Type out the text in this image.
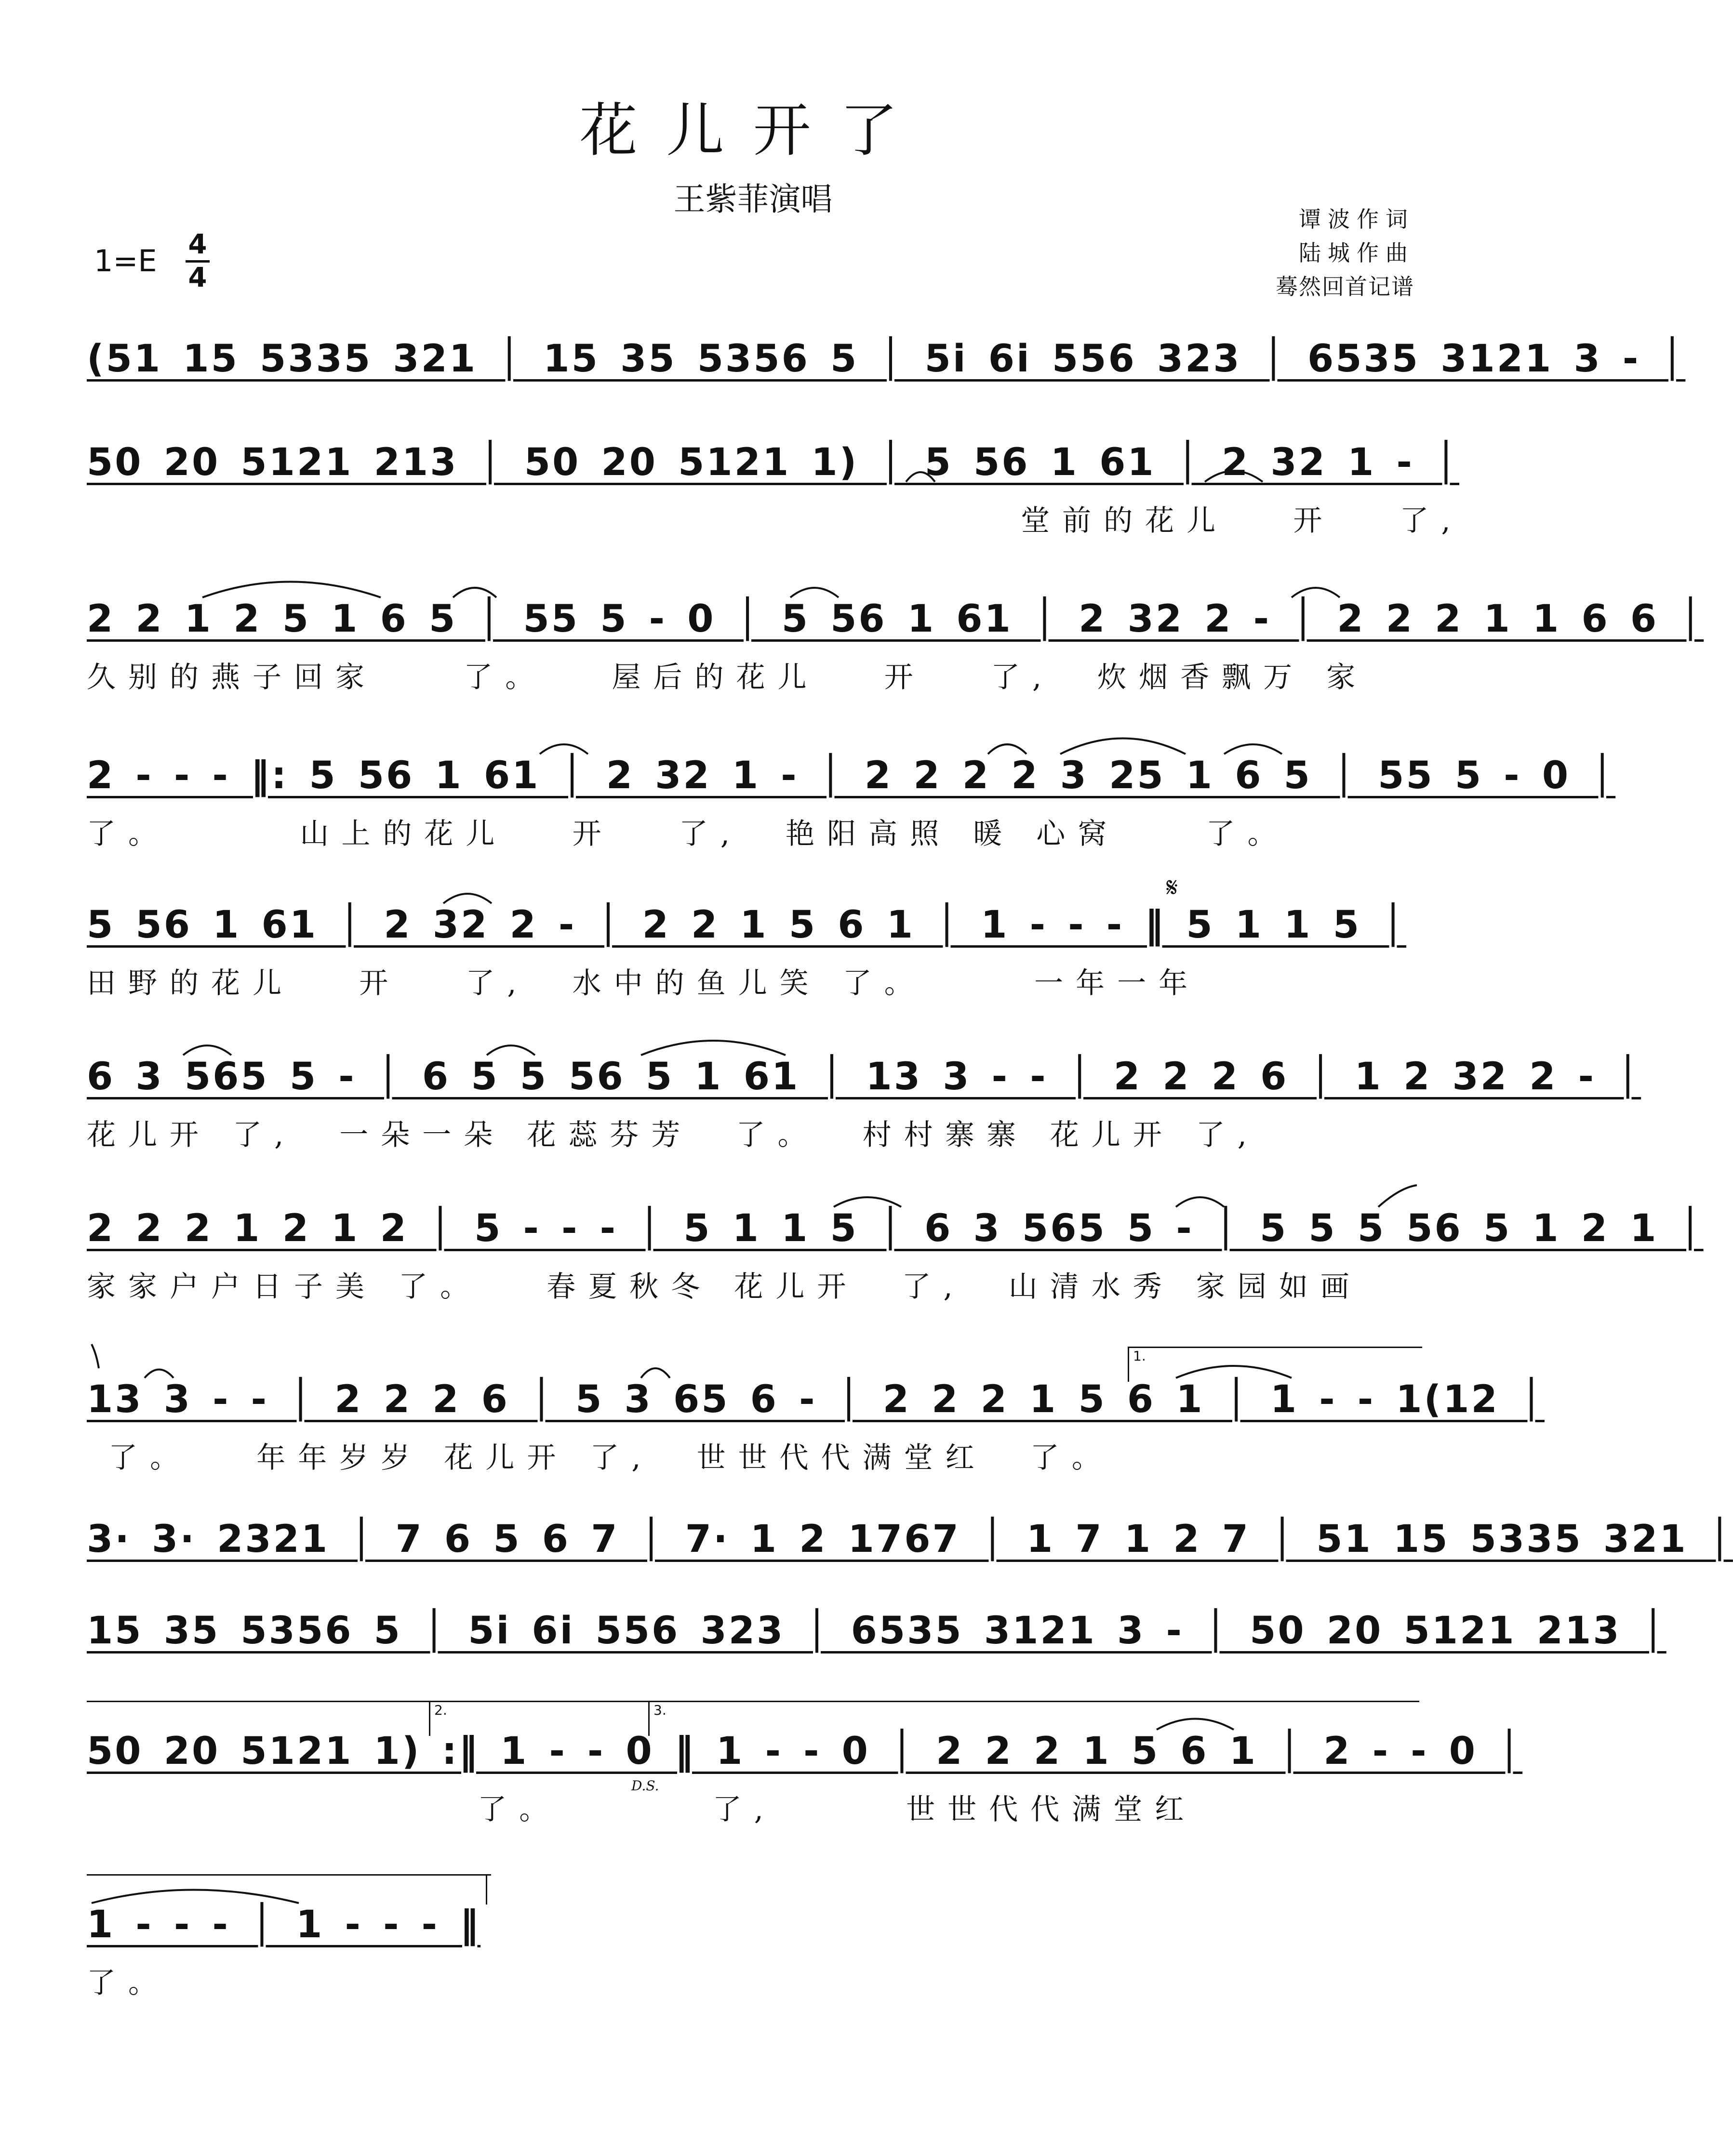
花儿开了
王紫菲演唱
谭波作词
陆城作曲
蓦然回首记谱
1=E 4
4
(51 15 5335 321 │ 15 35 5356 5 │ 5i 6i 556 323 │ 6535 3121 3 - │
50 20 5121 213 │ 50 20 5121 1) │ 5 56 1 61 │ 2 32 1 - │
堂前的花儿   开   了,
2 2 1 2 5 1 6 5 │ 55 5 - 0 │ 5 56 1 61 │ 2 32 2 - │ 2 2 2 1 1 6 6 │
久别的燕子回家    了。   屋后的花儿   开   了,  炊烟香飘万 家
2 - - - ‖: 5 56 1 61 │ 2 32 1 - │ 2 2 2 2 3 25 1 6 5 │ 55 5 - 0 │
了。      山上的花儿   开   了,  艳阳高照 暖 心窝    了。
5 56 1 61 │ 2 32 2 - │ 2 2 1 5 6 1 │ 1 - - - ‖ 5 1 1 5 │
田野的花儿   开   了,  水中的鱼儿笑 了。     一年一年
6 3 565 5 - │ 6 5 5 56 5 1 61 │ 13 3 - - │ 2 2 2 6 │ 1 2 32 2 - │
花儿开 了,  一朵一朵 花蕊芬芳  了。  村村寨寨 花儿开 了,
2 2 2 1 2 1 2 │ 5 - - - │ 5 1 1 5 │ 6 3 565 5 - │ 5 5 5 56 5 1 2 1 │
家家户户日子美 了。   春夏秋冬 花儿开  了,  山清水秀 家园如画
13 3 - - │ 2 2 2 6 │ 5 3 65 6 - │ 2 2 2 1 5 6 1 │ 1 - - 1(12 │
了。   年年岁岁 花儿开 了,  世世代代满堂红  了。
3· 3· 2321 │ 7 6 5 6 7 │ 7· 1 2 1767 │ 1 7 1 2 7 │ 51 15 5335 321 │
15 35 5356 5 │ 5i 6i 556 323 │ 6535 3121 3 - │ 50 20 5121 213 │
50 20 5121 1) :‖ 1 - - 0 ‖ 1 - - 0 │ 2 2 2 1 5 6 1 │ 2 - - 0 │
了。       了,      世世代代满堂红
1 - - - │ 1 - - - ‖
了。
1.
2.	3.
𝄋
D.S.
